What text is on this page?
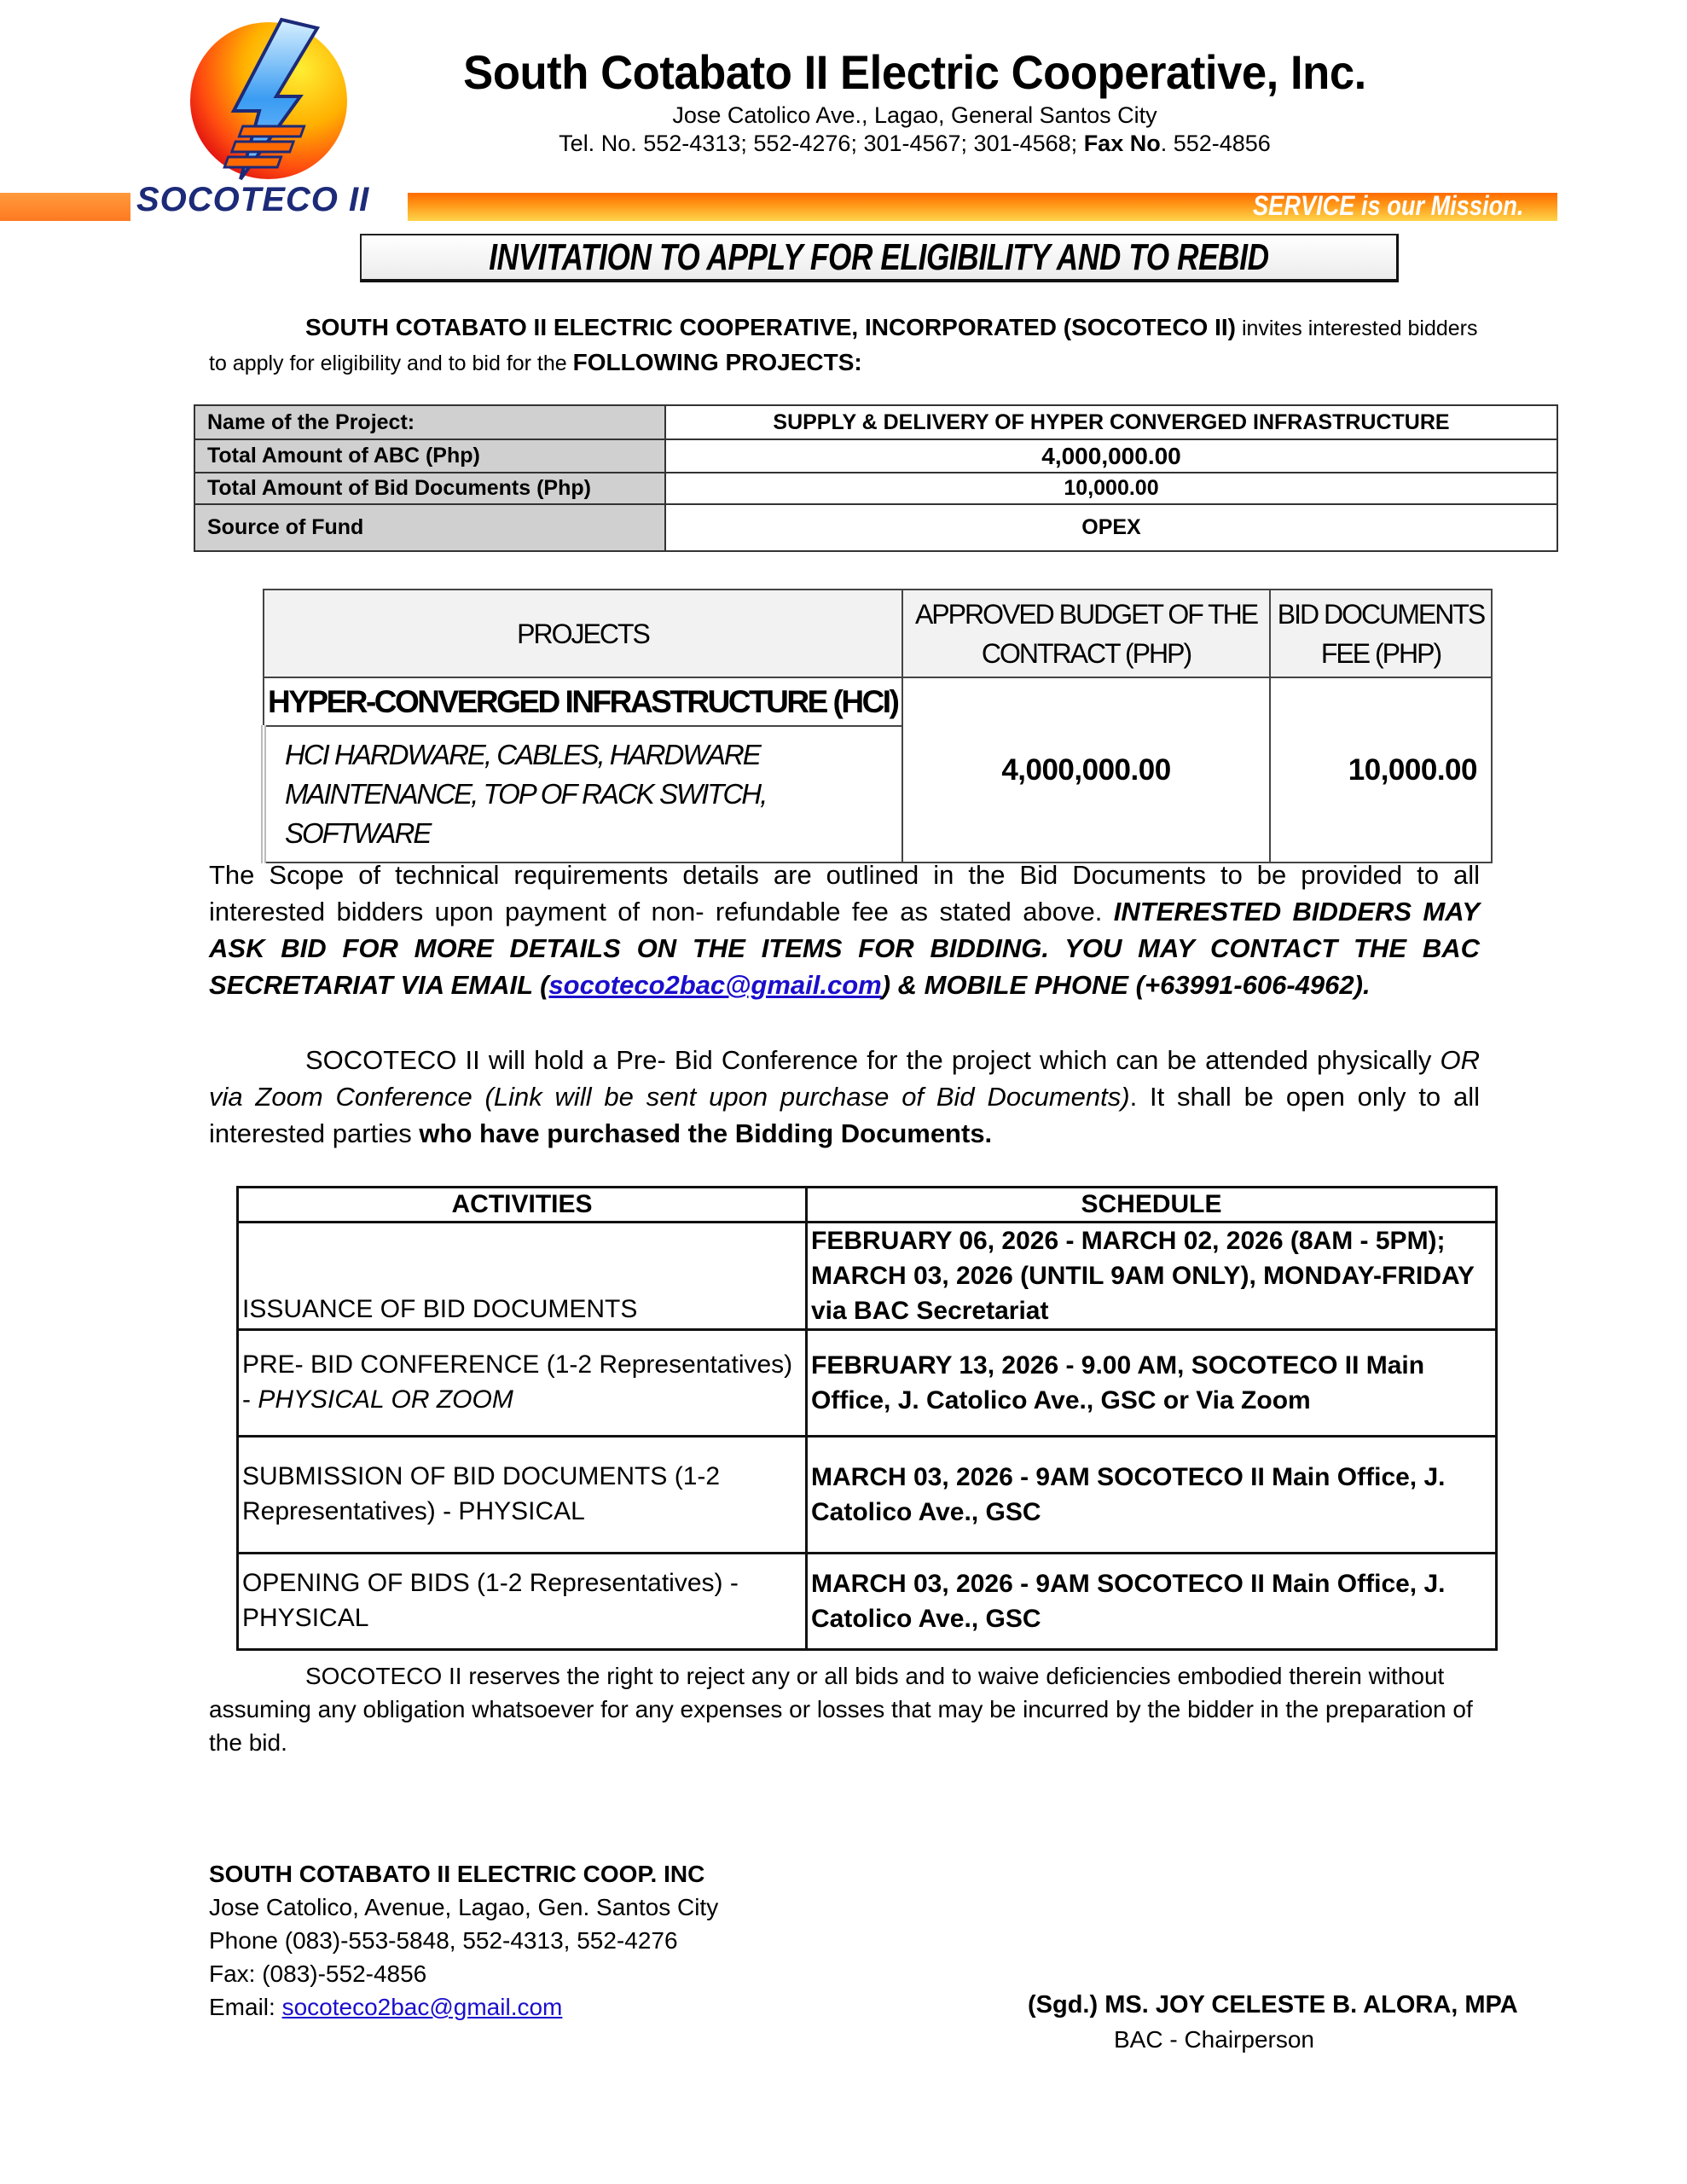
South Cotabato II Electric Cooperative, Inc.
Jose Catolico Ave., Lagao, General Santos City
Tel. No. 552-4313; 552-4276; 301-4567; 301-4568; Fax No. 552-4856
SERVICE is our Mission.
SOCOTECO II
INVITATION TO APPLY FOR ELIGIBILITY AND TO REBID
SOUTH COTABATO II ELECTRIC COOPERATIVE, INCORPORATED (SOCOTECO II) invites interested bidders to apply for eligibility and to bid for the FOLLOWING PROJECTS:
Name of the Project:	SUPPLY & DELIVERY OF HYPER CONVERGED INFRASTRUCTURE
Total Amount of ABC (Php)	4,000,000.00
Total Amount of Bid Documents (Php)	10,000.00
Source of Fund	OPEX
PROJECTS	APPROVED BUDGET OF THE CONTRACT (PHP)	BID DOCUMENTS FEE (PHP)
HYPER-CONVERGED INFRASTRUCTURE (HCI)	4,000,000.00	10,000.00
HCI HARDWARE, CABLES, HARDWARE MAINTENANCE, TOP OF RACK SWITCH, SOFTWARE		
The Scope of technical requirements details are outlined in the Bid Documents to be provided to all interested bidders upon payment of non- refundable fee as stated above. INTERESTED BIDDERS MAY ASK BID FOR MORE DETAILS ON THE ITEMS FOR BIDDING. YOU MAY CONTACT THE BAC SECRETARIAT VIA EMAIL (socoteco2bac@gmail.com) & MOBILE PHONE (+63991-606-4962).
SOCOTECO II will hold a Pre- Bid Conference for the project which can be attended physically OR via Zoom Conference (Link will be sent upon purchase of Bid Documents). It shall be open only to all interested parties who have purchased the Bidding Documents.
ACTIVITIES	SCHEDULE
ISSUANCE OF BID DOCUMENTS	FEBRUARY 06, 2026 - MARCH 02, 2026 (8AM - 5PM); MARCH 03, 2026 (UNTIL 9AM ONLY), MONDAY-FRIDAY via BAC Secretariat
PRE- BID CONFERENCE (1-2 Representatives) - PHYSICAL OR ZOOM	FEBRUARY 13, 2026 - 9.00 AM, SOCOTECO II Main Office, J. Catolico Ave., GSC or Via Zoom
SUBMISSION OF BID DOCUMENTS (1-2 Representatives) - PHYSICAL	MARCH 03, 2026 - 9AM SOCOTECO II Main Office, J. Catolico Ave., GSC
OPENING OF BIDS (1-2 Representatives) - PHYSICAL	MARCH 03, 2026 - 9AM SOCOTECO II Main Office, J. Catolico Ave., GSC
SOCOTECO II reserves the right to reject any or all bids and to waive deficiencies embodied therein without assuming any obligation whatsoever for any expenses or losses that may be incurred by the bidder in the preparation of the bid.
SOUTH COTABATO II ELECTRIC COOP. INC
Jose Catolico, Avenue, Lagao, Gen. Santos City
Phone (083)-553-5848, 552-4313, 552-4276
Fax: (083)-552-4856
Email: socoteco2bac@gmail.com	(Sgd.) MS. JOY CELESTE B. ALORA, MPA
BAC - Chairperson
